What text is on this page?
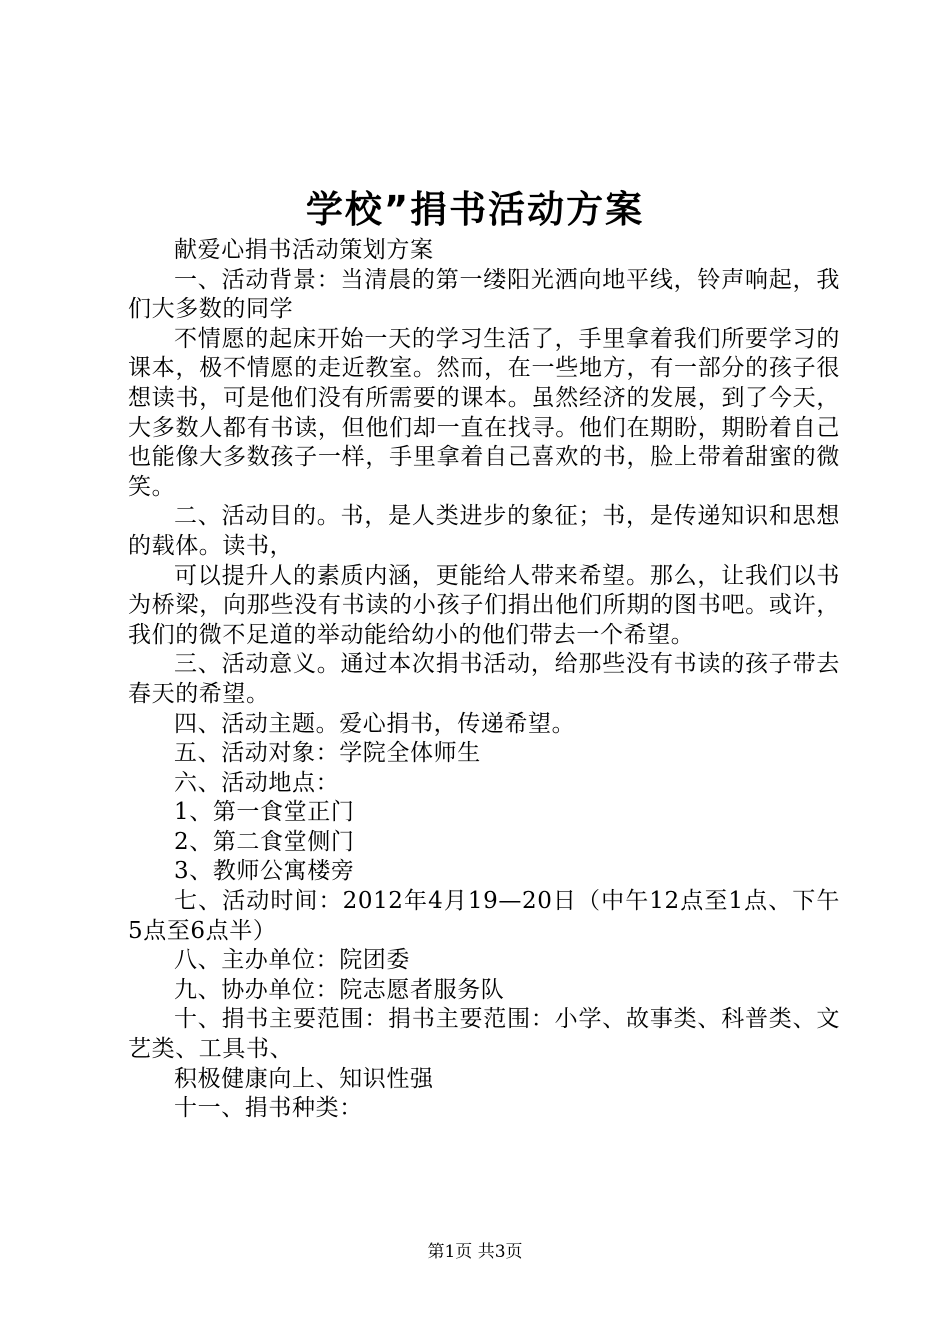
学校”捐书活动方案

献爱心捐书活动策划方案

一、活动背景：当清晨的第一缕阳光洒向地平线，铃声响起，我们大多数的同学

不情愿的起床开始一天的学习生活了，手里拿着我们所要学习的课本，极不情愿的走近教室。然而，在一些地方，有一部分的孩子很想读书，可是他们没有所需要的课本。虽然经济的发展，到了今天，大多数人都有书读，但他们却一直在找寻。他们在期盼，期盼着自己也能像大多数孩子一样，手里拿着自己喜欢的书，脸上带着甜蜜的微笑。

二、活动目的。书，是人类进步的象征；书，是传递知识和思想的载体。读书，

可以提升人的素质内涵，更能给人带来希望。那么，让我们以书为桥梁，向那些没有书读的小孩子们捐出他们所期的图书吧。或许，我们的微不足道的举动能给幼小的他们带去一个希望。

三、活动意义。通过本次捐书活动，给那些没有书读的孩子带去春天的希望。

四、活动主题。爱心捐书，传递希望。

五、活动对象：学院全体师生

六、活动地点：

1、第一食堂正门

2、第二食堂侧门

3、教师公寓楼旁

七、活动时间：2012年4月19—20日（中午12点至1点、下午5点至6点半）

八、主办单位：院团委

九、协办单位：院志愿者服务队

十、捐书主要范围：捐书主要范围：小学、故事类、科普类、文艺类、工具书、

积极健康向上、知识性强

十一、捐书种类：

第1页 共3页
